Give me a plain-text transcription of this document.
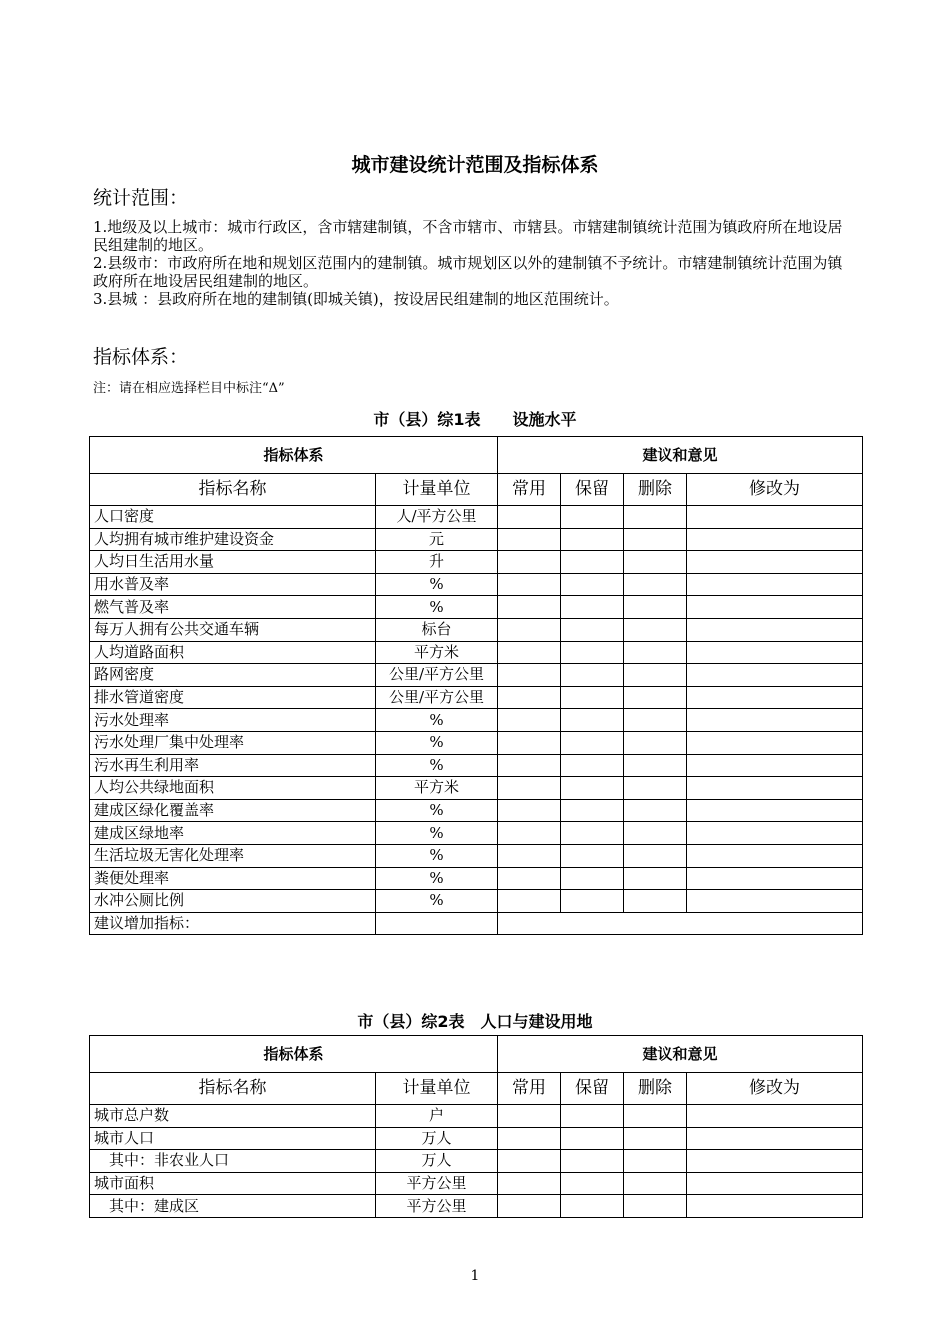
城市建设统计范围及指标体系
统计范围：

1.地级及以上城市：城市行政区，含市辖建制镇，不含市辖市、市辖县。市辖建制镇统计范围为镇政府所在地设居民组建制的地区。

2.县级市：市政府所在地和规划区范围内的建制镇。城市规划区以外的建制镇不予统计。市辖建制镇统计范围为镇政府所在地设居民组建制的地区。

3.县城 ：县政府所在地的建制镇(即城关镇)，按设居民组建制的地区范围统计。

指标体系：
注：请在相应选择栏目中标注“Δ”
市（县）综1表　　设施水平
指标体系		建议和意见			
指标名称	计量单位	常用	保留	删除	修改为
人口密度	人/平方公里				
人均拥有城市维护建设资金	元				
人均日生活用水量	升				
用水普及率	%				
燃气普及率	%				
每万人拥有公共交通车辆	标台				
人均道路面积	平方米				
路网密度	公里/平方公里				
排水管道密度	公里/平方公里				
污水处理率	%				
污水处理厂集中处理率	%				
污水再生利用率	%				
人均公共绿地面积	平方米				
建成区绿化覆盖率	%				
建成区绿地率	%				
生活垃圾无害化处理率	%				
粪便处理率	%				
水冲公厕比例	%				
建议增加指标：					
市（县）综2表　人口与建设用地
指标体系		建议和意见			
指标名称	计量单位	常用	保留	删除	修改为
城市总户数	户				
城市人口	万人				
　其中：非农业人口	万人				
城市面积	平方公里				
　其中：建成区	平方公里				
1
